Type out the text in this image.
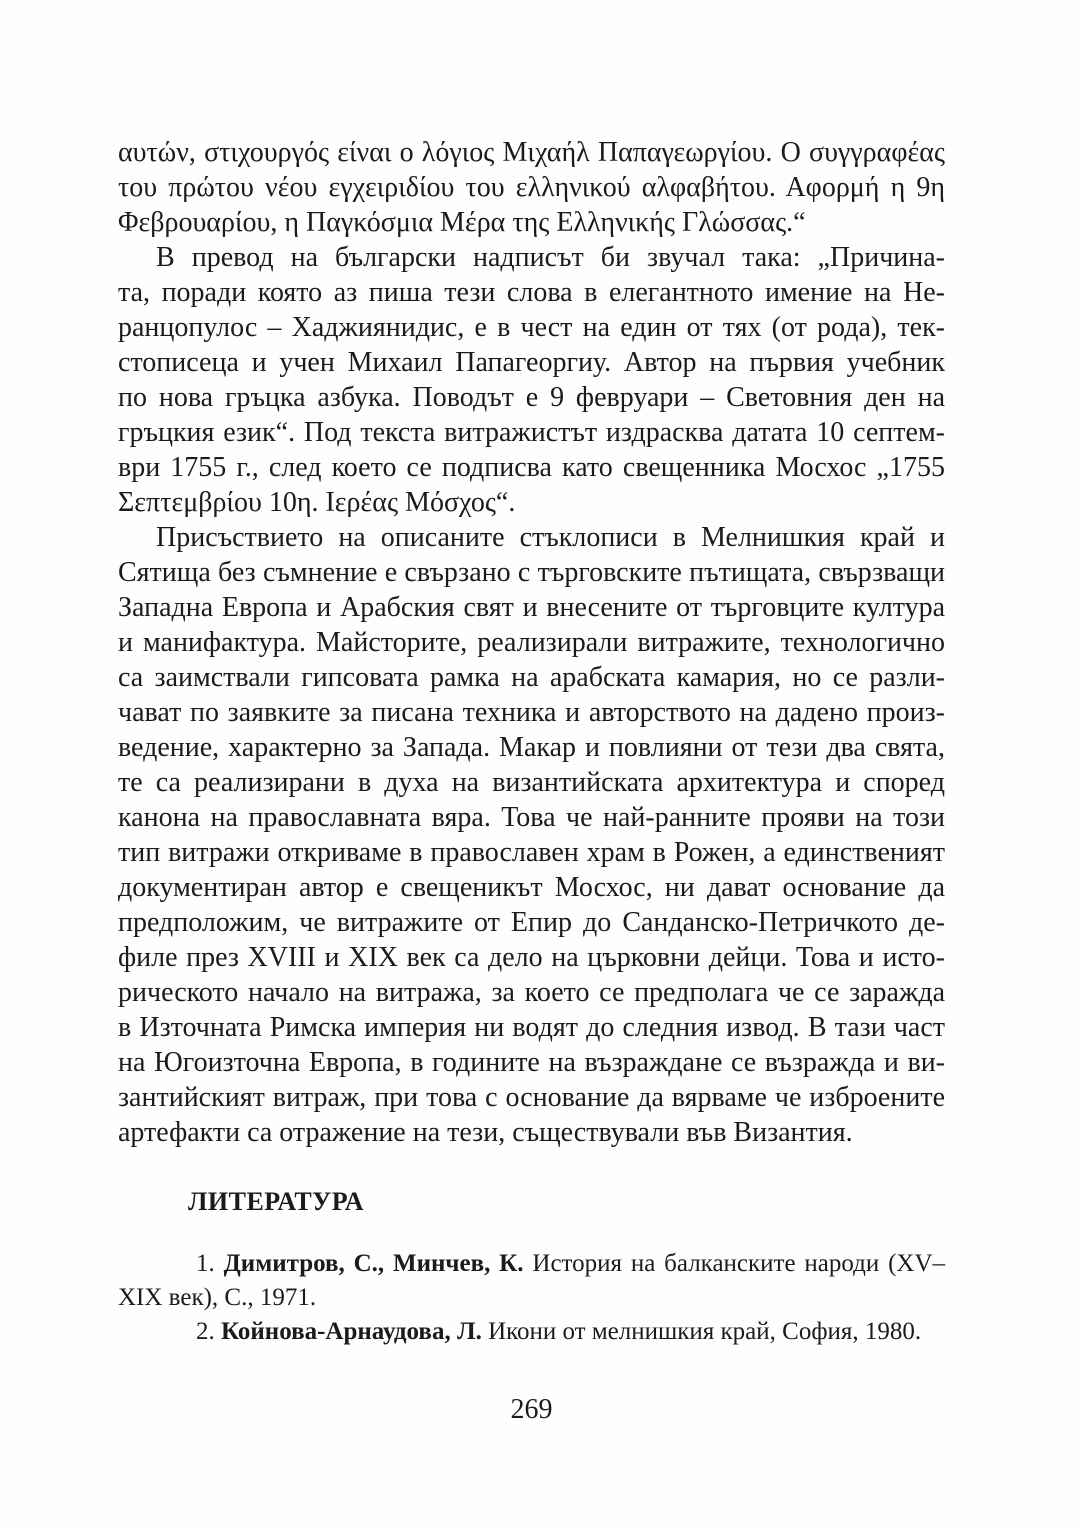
αυτών, στιχουργός είναι ο λόγιος Μιχαήλ Παπαγεωργίου. Ο συγγραφέας
του πρώτου νέου εγχειριδίου του ελληνικού αλφαβήτου. Αφορμή η 9η
Φεβρουαρίου, η Παγκόσμια Μέρα της Ελληνικής Γλώσσας.“
В превод на български надписът би звучал така: „Причина-
та, поради която аз пиша тези слова в елегантното имение на Не-
ранцопулос – Хаджиянидис, е в чест на един от тях (от рода), тек-
стописеца и учен Михаил Папагеоргиу. Автор на първия учебник
по нова гръцка азбука. Поводът е 9 февруари – Световния ден на
гръцкия език“. Под текста витражистът издрасква датата 10 септем-
ври 1755 г., след което се подписва като свещенника Мосхос „1755
Σεπτεμβρίου 10η. Ιερέας Μόσχος“.
Присъствието на описаните стъклописи в Мелнишкия край и
Сятища без съмнение е свързано с търговските пътищата, свързващи
Западна Европа и Арабския свят и внесените от търговците култура
и манифактура. Майсторите, реализирали витражите, технологично
са заимствали гипсовата рамка на арабската камария, но се разли-
чават по заявките за писана техника и авторството на дадено произ-
ведение, характерно за Запада. Макар и повлияни от тези два свята,
те са реализирани в духа на византийската архитектура и според
канона на православната вяра. Това че най-ранните прояви на този
тип витражи откриваме в православен храм в Рожен, а единственият
документиран автор е свещеникът Мосхос, ни дават основание да
предположим, че витражите от Епир до Санданско-Петричкото де-
филе през XVIII и XIX век са дело на църковни дейци. Това и исто-
рическото начало на витража, за което се предполага че се заражда
в Източната Римска империя ни водят до следния извод. В тази част
на Югоизточна Европа, в годините на възраждане се възражда и ви-
зантийският витраж, при това с основание да вярваме че изброените
артефакти са отражение на тези, съществували във Византия.
ЛИТЕРАТУРА
1. Димитров, С., Минчев, К. История на балканските народи (XV–XIX век), С., 1971.
2. Койнова-Арнаудова, Л. Икони от мелнишкия край, София, 1980.
269
